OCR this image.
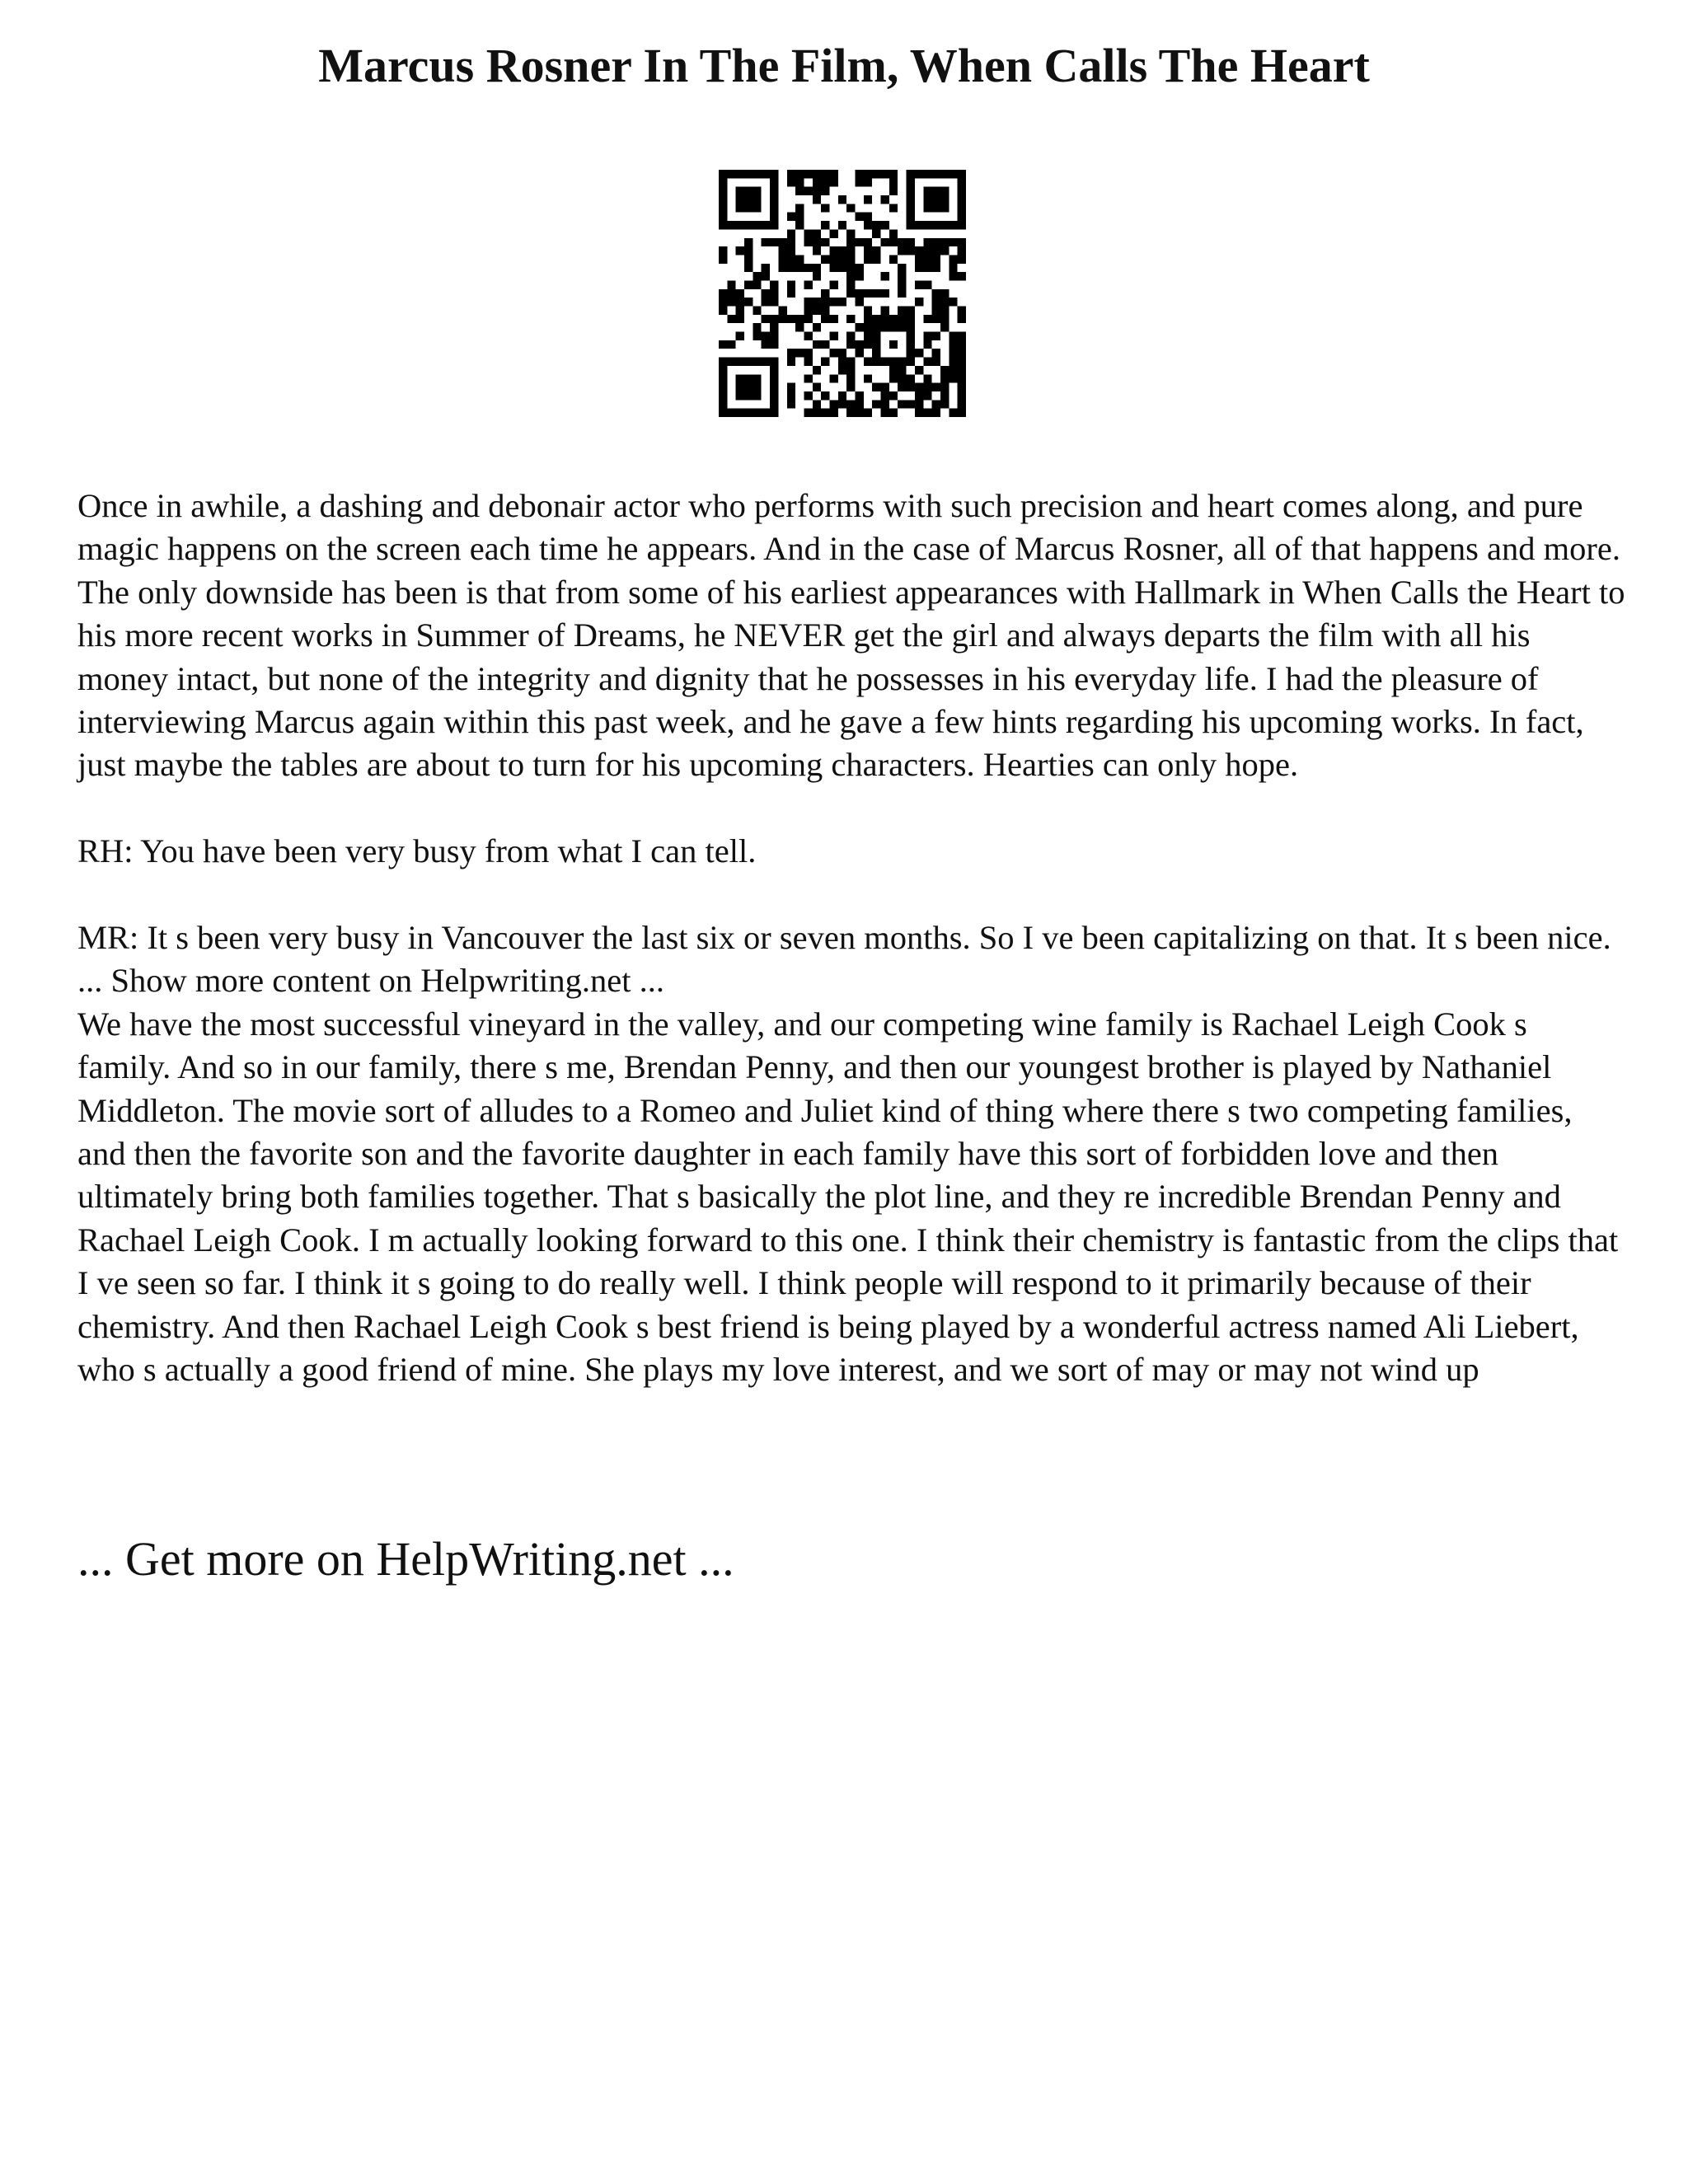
Marcus Rosner In The Film, When Calls The Heart

Once in awhile, a dashing and debonair actor who performs with such precision and heart comes along, and pure magic happens on the screen each time he appears. And in the case of Marcus Rosner, all of that happens and more. The only downside has been is that from some of his earliest appearances with Hallmark in When Calls the Heart to his more recent works in Summer of Dreams, he NEVER get the girl and always departs the film with all his money intact, but none of the integrity and dignity that he possesses in his everyday life. I had the pleasure of interviewing Marcus again within this past week, and he gave a few hints regarding his upcoming works. In fact, just maybe the tables are about to turn for his upcoming characters. Hearties can only hope.

RH: You have been very busy from what I can tell.

MR: It s been very busy in Vancouver the last six or seven months. So I ve been capitalizing on that. It s been nice. ... Show more content on Helpwriting.net ...

We have the most successful vineyard in the valley, and our competing wine family is Rachael Leigh Cook s family. And so in our family, there s me, Brendan Penny, and then our youngest brother is played by Nathaniel Middleton. The movie sort of alludes to a Romeo and Juliet kind of thing where there s two competing families, and then the favorite son and the favorite daughter in each family have this sort of forbidden love and then ultimately bring both families together. That s basically the plot line, and they re incredible Brendan Penny and Rachael Leigh Cook. I m actually looking forward to this one. I think their chemistry is fantastic from the clips that I ve seen so far. I think it s going to do really well. I think people will respond to it primarily because of their chemistry. And then Rachael Leigh Cook s best friend is being played by a wonderful actress named Ali Liebert, who s actually a good friend of mine. She plays my love interest, and we sort of may or may not wind up

... Get more on HelpWriting.net ...
